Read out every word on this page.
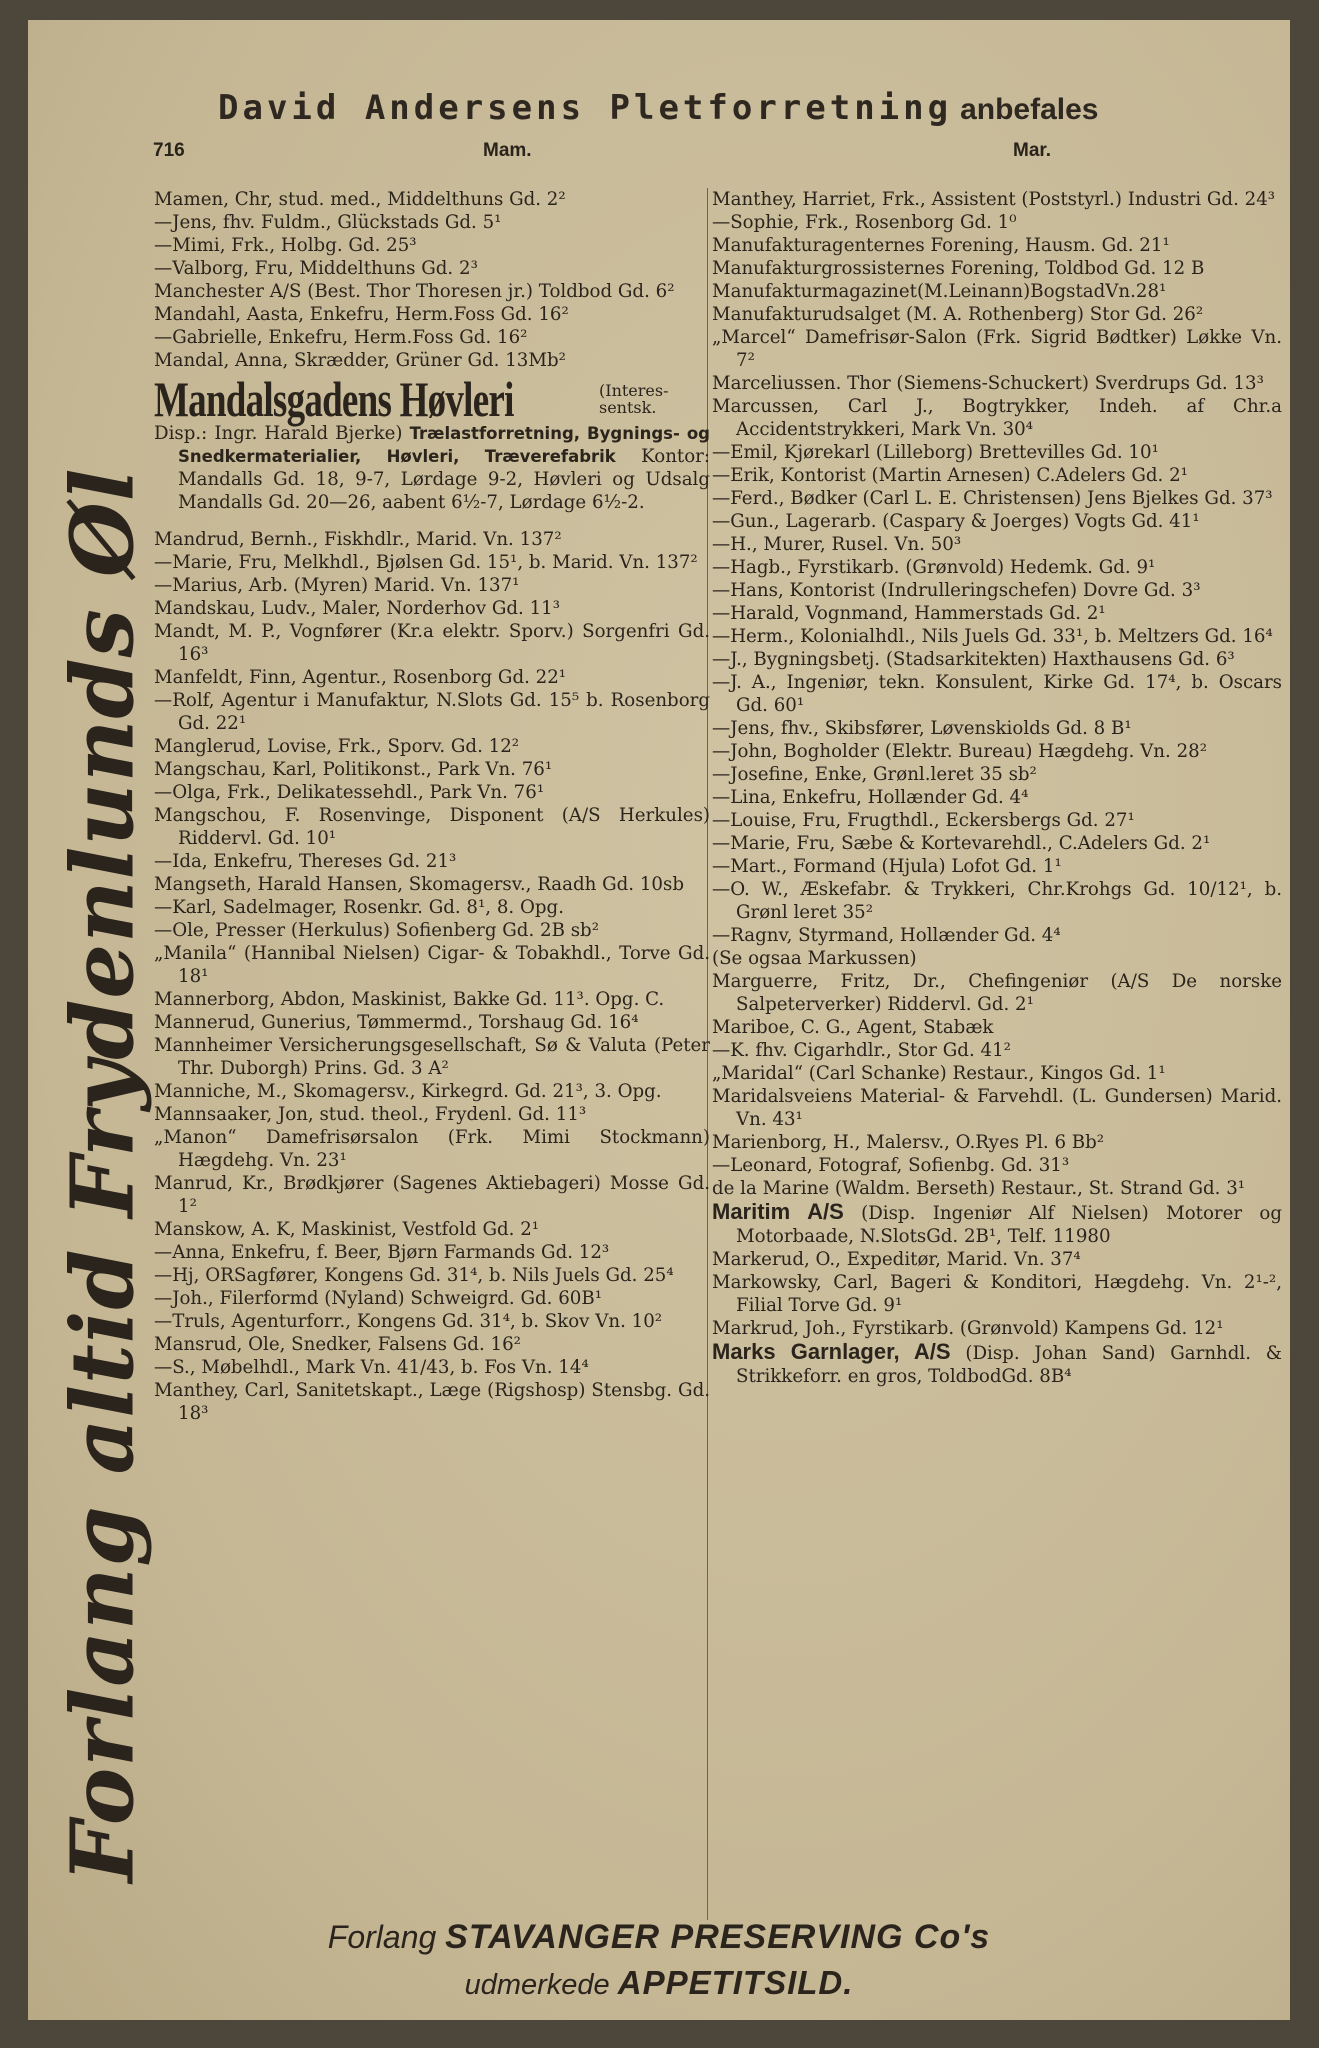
David Andersens Pletforretning anbefales
716	Mam.	Mar.
Forlang altid Frydenlunds Øl
Mamen, Chr, stud. med., Middelthuns Gd. 2²
—Jens, fhv. Fuldm., Glückstads Gd. 5¹
—Mimi, Frk., Holbg. Gd. 25³
—Valborg, Fru, Middelthuns Gd. 2³
Manchester A/S (Best. Thor Thoresen jr.) Toldbod Gd. 6²
Mandahl, Aasta, Enkefru, Herm.Foss Gd. 16²
—Gabrielle, Enkefru, Herm.Foss Gd. 16²
Mandal, Anna, Skrædder, Grüner Gd. 13Mb²
Mandalsgadens Høvleri	(Interes-sentsk.
Disp.: Ingr. Harald Bjerke) Trælastforretning, Bygnings- og Snedkermaterialier, Høvleri, Træverefabrik Kontor: Mandalls Gd. 18, 9-7, Lørdage 9-2, Høvleri og Udsalg Mandalls Gd. 20—26, aabent 6½-7, Lørdage 6½-2.
Mandrud, Bernh., Fiskhdlr., Marid. Vn. 137²
—Marie, Fru, Melkhdl., Bjølsen Gd. 15¹, b. Marid. Vn. 137²
—Marius, Arb. (Myren) Marid. Vn. 137¹
Mandskau, Ludv., Maler, Norderhov Gd. 11³
Mandt, M. P., Vognfører (Kr.a elektr. Sporv.) Sorgenfri Gd. 16³
Manfeldt, Finn, Agentur., Rosenborg Gd. 22¹
—Rolf, Agentur i Manufaktur, N.Slots Gd. 15⁵ b. Rosenborg Gd. 22¹
Manglerud, Lovise, Frk., Sporv. Gd. 12²
Mangschau, Karl, Politikonst., Park Vn. 76¹
—Olga, Frk., Delikatessehdl., Park Vn. 76¹
Mangschou, F. Rosenvinge, Disponent (A/S Herkules) Riddervl. Gd. 10¹
—Ida, Enkefru, Thereses Gd. 21³
Mangseth, Harald Hansen, Skomagersv., Raadh Gd. 10sb
—Karl, Sadelmager, Rosenkr. Gd. 8¹, 8. Opg.
—Ole, Presser (Herkulus) Sofienberg Gd. 2B sb²
„Manila“ (Hannibal Nielsen) Cigar- & Tobakhdl., Torve Gd. 18¹
Mannerborg, Abdon, Maskinist, Bakke Gd. 11³. Opg. C.
Mannerud, Gunerius, Tømmermd., Torshaug Gd. 16⁴
Mannheimer Versicherungsgesellschaft, Sø & Valuta (Peter Thr. Duborgh) Prins. Gd. 3 A²
Manniche, M., Skomagersv., Kirkegrd. Gd. 21³, 3. Opg.
Mannsaaker, Jon, stud. theol., Frydenl. Gd. 11³
„Manon“ Damefrisørsalon (Frk. Mimi Stockmann) Hægdehg. Vn. 23¹
Manrud, Kr., Brødkjører (Sagenes Aktiebageri) Mosse Gd. 1²
Manskow, A. K, Maskinist, Vestfold Gd. 2¹
—Anna, Enkefru, f. Beer, Bjørn Farmands Gd. 12³
—Hj, ORSagfører, Kongens Gd. 31⁴, b. Nils Juels Gd. 25⁴
—Joh., Filerformd (Nyland) Schweigrd. Gd. 60B¹
—Truls, Agenturforr., Kongens Gd. 31⁴, b. Skov Vn. 10²
Mansrud, Ole, Snedker, Falsens Gd. 16²
—S., Møbelhdl., Mark Vn. 41/43, b. Fos Vn. 14⁴
Manthey, Carl, Sanitetskapt., Læge (Rigshosp) Stensbg. Gd. 18³
Manthey, Harriet, Frk., Assistent (Poststyrl.) Industri Gd. 24³
—Sophie, Frk., Rosenborg Gd. 1⁰
Manufakturagenternes Forening, Hausm. Gd. 21¹
Manufakturgrossisternes Forening, Toldbod Gd. 12 B
Manufakturmagazinet(M.Leinann)BogstadVn.28¹
Manufakturudsalget (M. A. Rothenberg) Stor Gd. 26²
„Marcel“ Damefrisør-Salon (Frk. Sigrid Bødtker) Løkke Vn. 7²
Marceliussen. Thor (Siemens-Schuckert) Sverdrups Gd. 13³
Marcussen, Carl J., Bogtrykker, Indeh. af Chr.a Accidentstrykkeri, Mark Vn. 30⁴
—Emil, Kjørekarl (Lilleborg) Brettevilles Gd. 10¹
—Erik, Kontorist (Martin Arnesen) C.Adelers Gd. 2¹
—Ferd., Bødker (Carl L. E. Christensen) Jens Bjelkes Gd. 37³
—Gun., Lagerarb. (Caspary & Joerges) Vogts Gd. 41¹
—H., Murer, Rusel. Vn. 50³
—Hagb., Fyrstikarb. (Grønvold) Hedemk. Gd. 9¹
—Hans, Kontorist (Indrulleringschefen) Dovre Gd. 3³
—Harald, Vognmand, Hammerstads Gd. 2¹
—Herm., Kolonialhdl., Nils Juels Gd. 33¹, b. Meltzers Gd. 16⁴
—J., Bygningsbetj. (Stadsarkitekten) Haxthausens Gd. 6³
—J. A., Ingeniør, tekn. Konsulent, Kirke Gd. 17⁴, b. Oscars Gd. 60¹
—Jens, fhv., Skibsfører, Løvenskiolds Gd. 8 B¹
—John, Bogholder (Elektr. Bureau) Hægdehg. Vn. 28²
—Josefine, Enke, Grønl.leret 35 sb²
—Lina, Enkefru, Hollænder Gd. 4⁴
—Louise, Fru, Frugthdl., Eckersbergs Gd. 27¹
—Marie, Fru, Sæbe & Kortevarehdl., C.Adelers Gd. 2¹
—Mart., Formand (Hjula) Lofot Gd. 1¹
—O. W., Æskefabr. & Trykkeri, Chr.Krohgs Gd. 10/12¹, b. Grønl leret 35²
—Ragnv, Styrmand, Hollænder Gd. 4⁴
(Se ogsaa Markussen)
Marguerre, Fritz, Dr., Chefingeniør (A/S De norske Salpeterverker) Riddervl. Gd. 2¹
Mariboe, C. G., Agent, Stabæk
—K. fhv. Cigarhdlr., Stor Gd. 41²
„Maridal“ (Carl Schanke) Restaur., Kingos Gd. 1¹
Maridalsveiens Material- & Farvehdl. (L. Gundersen) Marid. Vn. 43¹
Marienborg, H., Malersv., O.Ryes Pl. 6 Bb²
—Leonard, Fotograf, Sofienbg. Gd. 31³
de la Marine (Waldm. Berseth) Restaur., St. Strand Gd. 3¹
Maritim A/S (Disp. Ingeniør Alf Nielsen) Motorer og Motorbaade, N.SlotsGd. 2B¹, Telf. 11980
Markerud, O., Expeditør, Marid. Vn. 37⁴
Markowsky, Carl, Bageri & Konditori, Hægdehg. Vn. 2¹-², Filial Torve Gd. 9¹
Markrud, Joh., Fyrstikarb. (Grønvold) Kampens Gd. 12¹
Marks Garnlager, A/S (Disp. Johan Sand) Garnhdl. & Strikkeforr. en gros, ToldbodGd. 8B⁴
Forlang STAVANGER PRESERVING Co's
udmerkede APPETITSILD.
